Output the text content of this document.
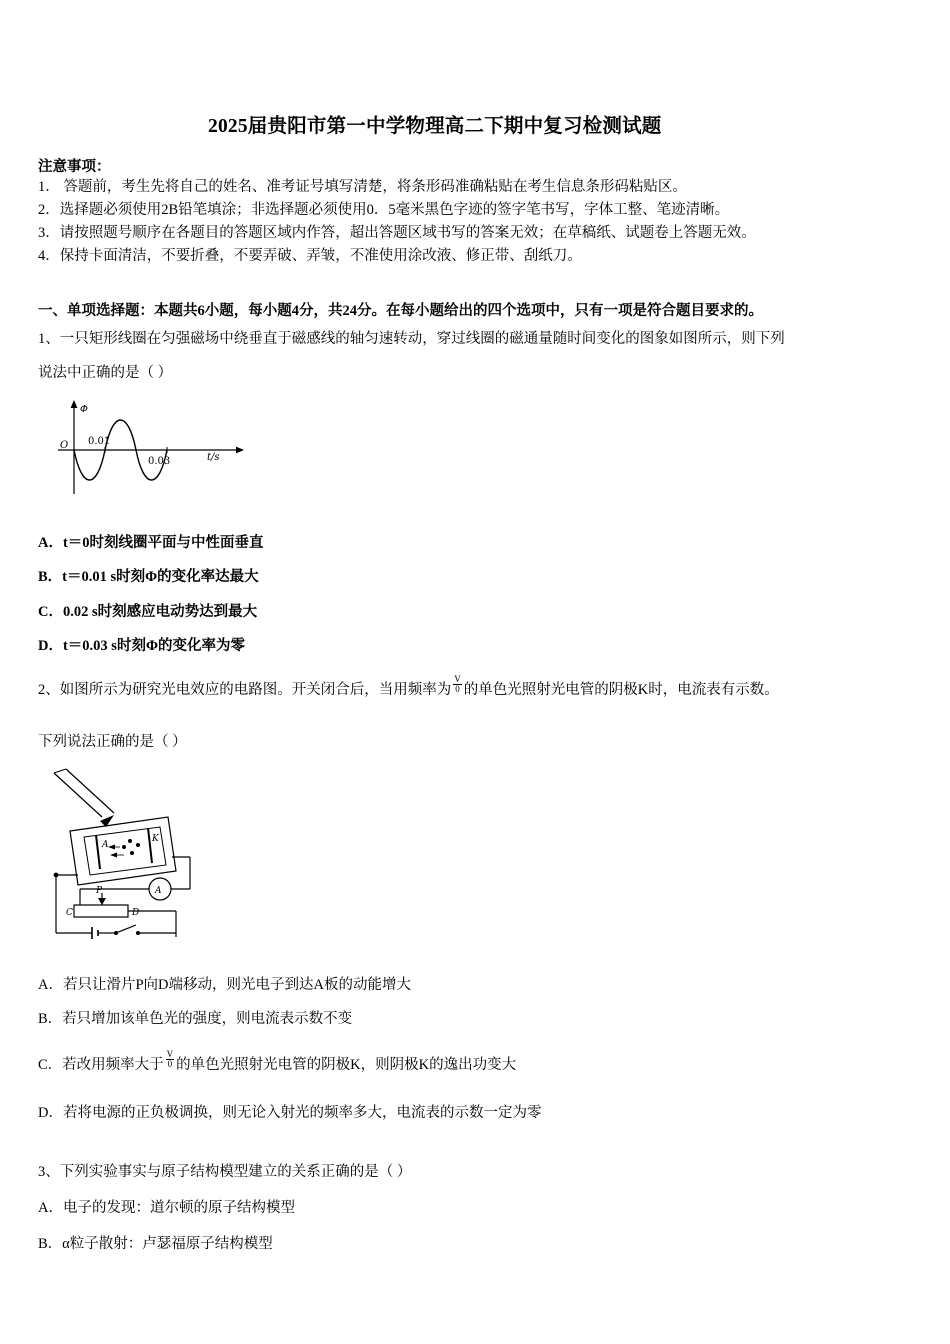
2025届贵阳市第一中学物理高二下期中复习检测试题
注意事项：
1． 答题前，考生先将自己的姓名、准考证号填写清楚，将条形码准确粘贴在考生信息条形码粘贴区。
2．选择题必须使用2B铅笔填涂；非选择题必须使用0．5毫米黑色字迹的签字笔书写，字体工整、笔迹清晰。
3．请按照题号顺序在各题目的答题区域内作答，超出答题区域书写的答案无效；在草稿纸、试题卷上答题无效。
4．保持卡面清洁，不要折叠，不要弄破、弄皱，不准使用涂改液、修正带、刮纸刀。
一、单项选择题：本题共6小题，每小题4分，共24分。在每小题给出的四个选项中，只有一项是符合题目要求的。
1、一只矩形线圈在匀强磁场中绕垂直于磁感线的轴匀速转动，穿过线圈的磁通量随时间变化的图象如图所示，则下列
说法中正确的是（ ）
Φ
O 0.01
0.03	t/s
A．t＝0时刻线圈平面与中性面垂直
B．t＝0.01 s时刻Φ的变化率达最大
C．0.02 s时刻感应电动势达到最大
D．t＝0.03 s时刻Φ的变化率为零
2、如图所示为研究光电效应的电路图。开关闭合后，当用频率为 $\frac{V}{0}$ 的单色光照射光电管的阴极K时，电流表有示数。
下列说法正确的是（ ）
A
K
A
P
C	D
A．若只让滑片P向D端移动，则光电子到达A板的动能增大
B．若只增加该单色光的强度，则电流表示数不变
C．若改用频率大于 $\frac{V}{0}$ 的单色光照射光电管的阴极K，则阴极K的逸出功变大
D．若将电源的正负极调换，则无论入射光的频率多大，电流表的示数一定为零
3、下列实验事实与原子结构模型建立的关系正确的是（ ）
A．电子的发现：道尔顿的原子结构模型
B．α粒子散射：卢瑟福原子结构模型
